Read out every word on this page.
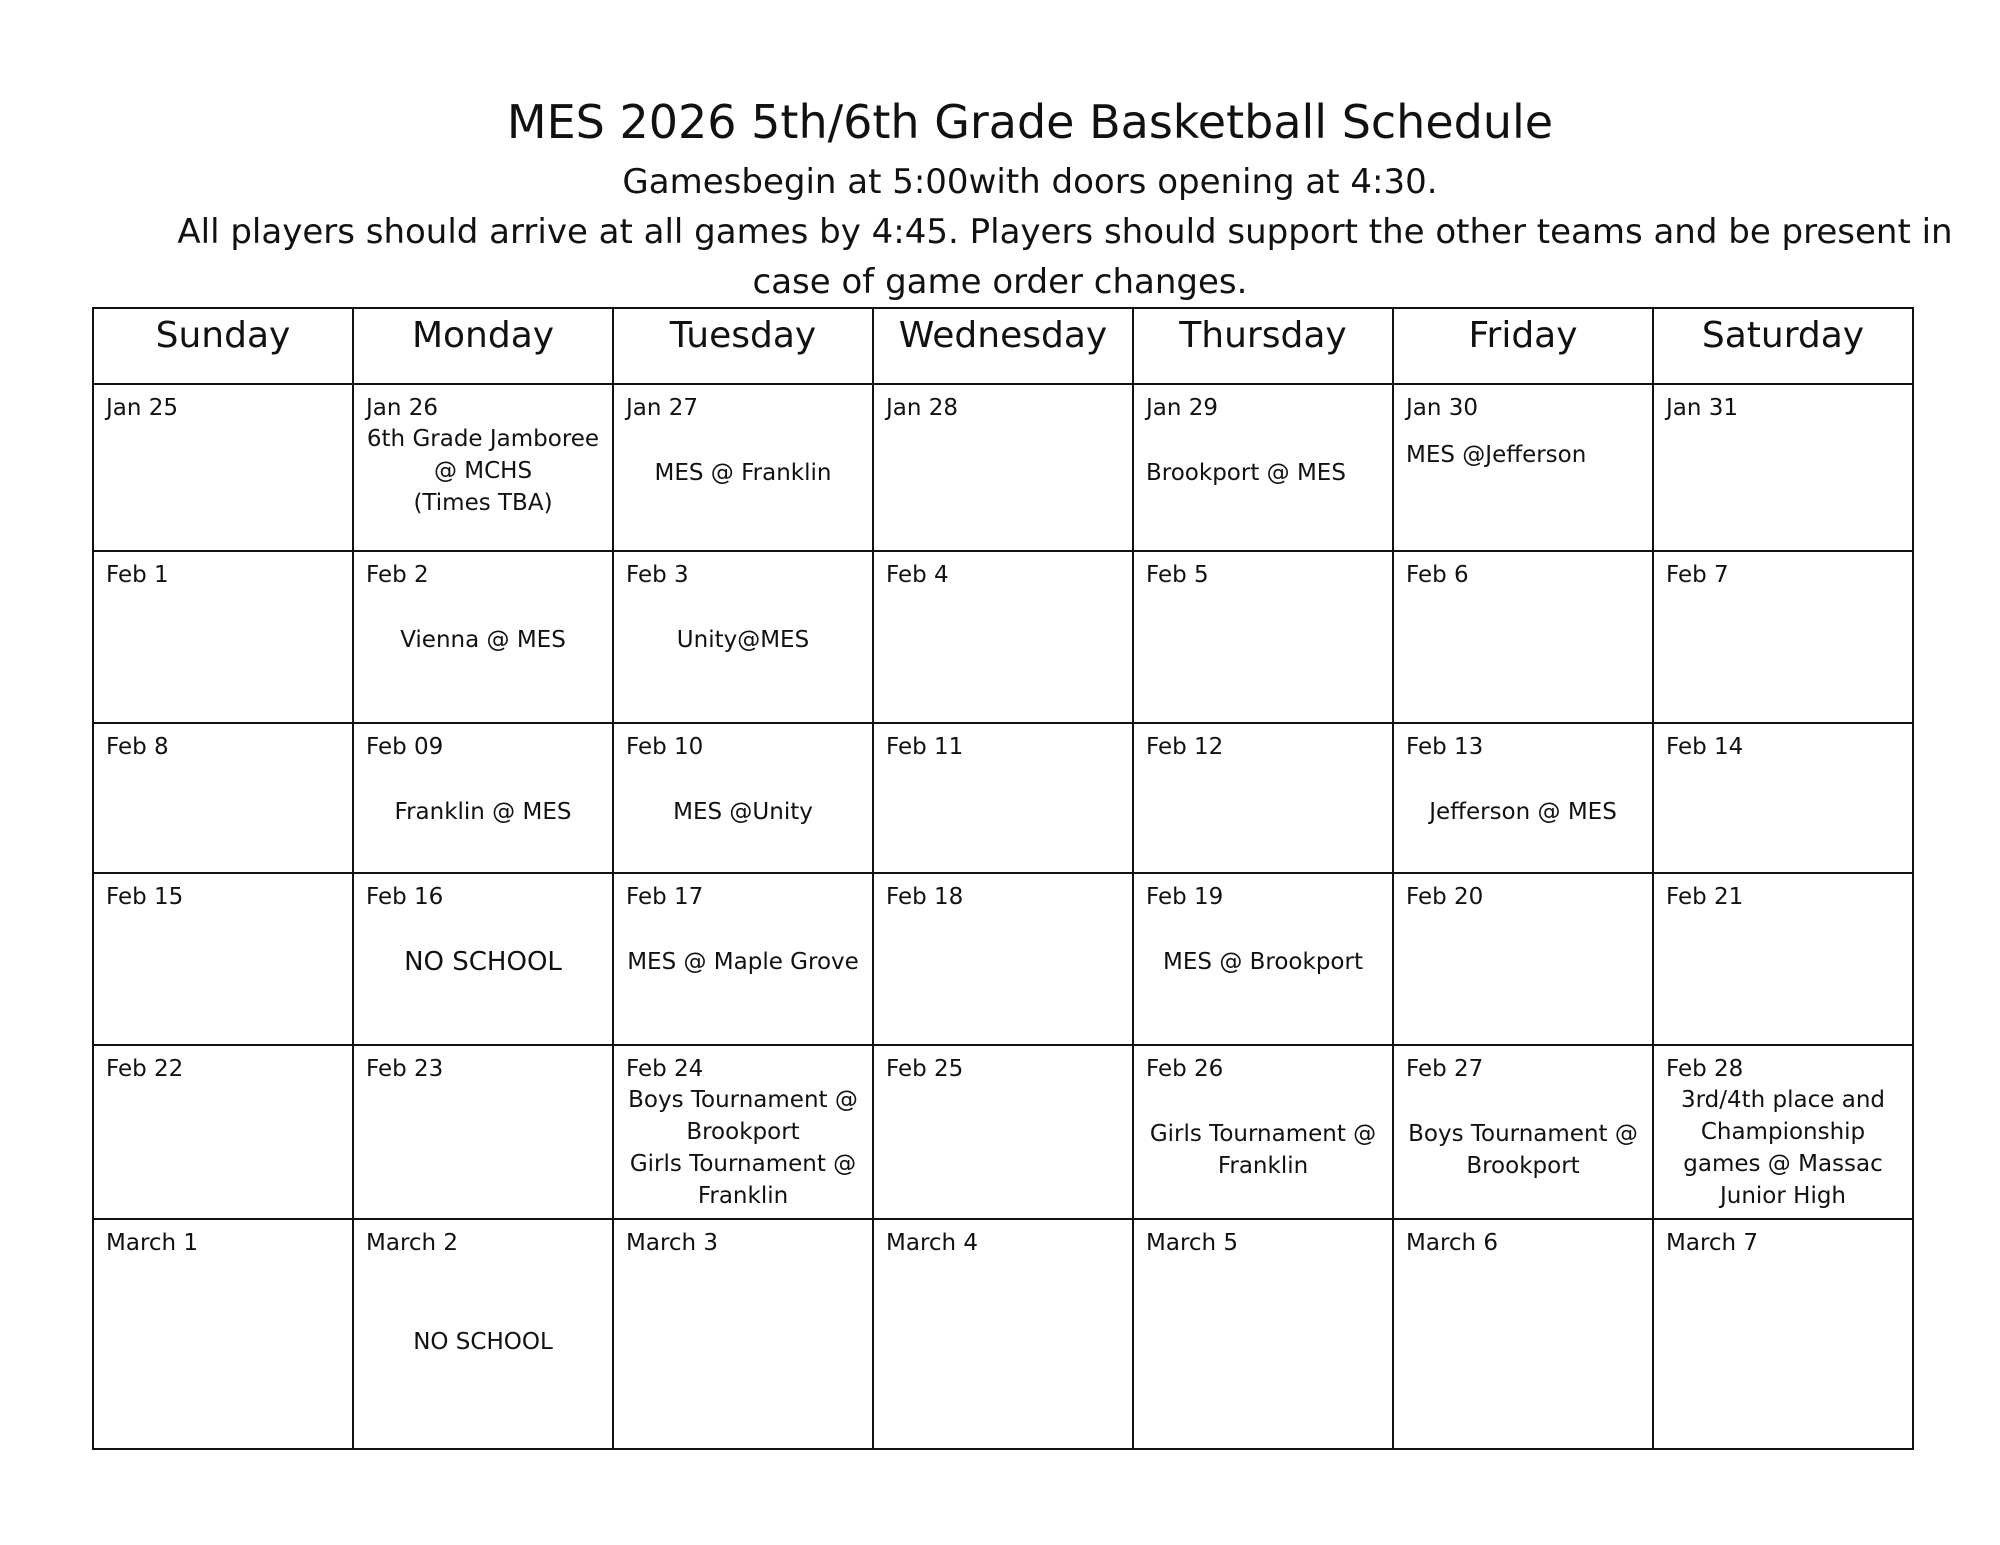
MES 2026 5th/6th Grade Basketball Schedule

Gamesbegin at 5:00with doors opening at 4:30.

All players should arrive at all games by 4:45. Players should support the other teams and be present in

case of game order changes.

Sunday	Monday	Tuesday	Wednesday	Thursday	Friday	Saturday

Jan 25	Jan 26
6th Grade Jamboree
@ MCHS
(Times TBA)	Jan 27
MES @ Franklin	Jan 28	Jan 29
Brookport @ MES	Jan 30
MES @Jefferson	Jan 31

Feb 1	Feb 2
Vienna @ MES	Feb 3
Unity@MES	Feb 4	Feb 5	Feb 6	Feb 7

Feb 8	Feb 09
Franklin @ MES	Feb 10
MES @Unity	Feb 11	Feb 12	Feb 13
Jefferson @ MES	Feb 14

Feb 15	Feb 16
NO SCHOOL	Feb 17
MES @ Maple Grove	Feb 18	Feb 19
MES @ Brookport	Feb 20	Feb 21

Feb 22	Feb 23	Feb 24
Boys Tournament @
Brookport
Girls Tournament @
Franklin	Feb 25	Feb 26
Girls Tournament @
Franklin	Feb 27
Boys Tournament @
Brookport	Feb 28
3rd/4th place and
Championship
games @ Massac
Junior High

March 1	March 2
NO SCHOOL	March 3	March 4	March 5	March 6	March 7
